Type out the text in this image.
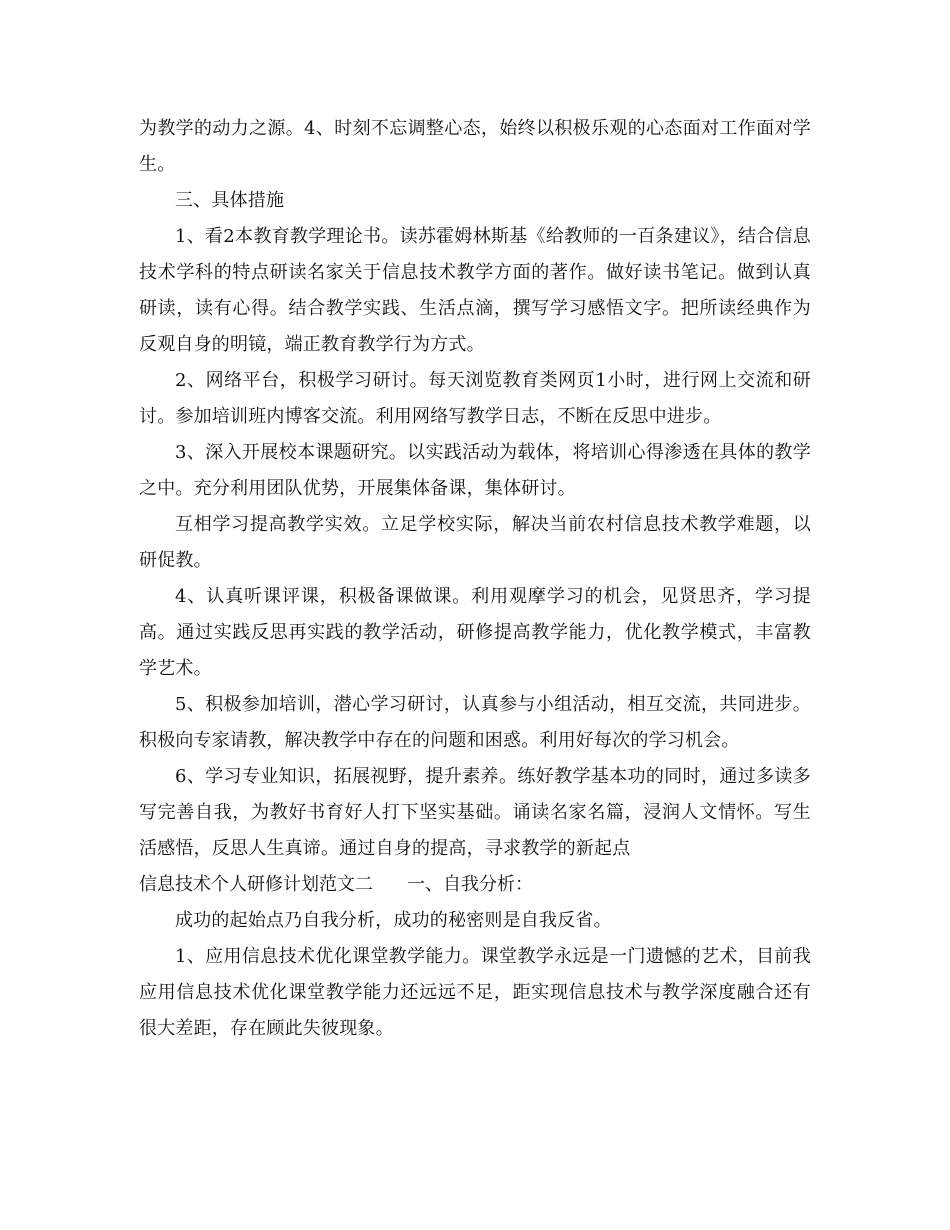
为教学的动力之源。4、时刻不忘调整心态，始终以积极乐观的心态面对工作面对学生。

三、具体措施

1、看2本教育教学理论书。读苏霍姆林斯基《给教师的一百条建议》，结合信息技术学科的特点研读名家关于信息技术教学方面的著作。做好读书笔记。做到认真研读，读有心得。结合教学实践、生活点滴，撰写学习感悟文字。把所读经典作为反观自身的明镜，端正教育教学行为方式。

2、网络平台，积极学习研讨。每天浏览教育类网页1小时，进行网上交流和研讨。参加培训班内博客交流。利用网络写教学日志，不断在反思中进步。

3、深入开展校本课题研究。以实践活动为载体，将培训心得渗透在具体的教学之中。充分利用团队优势，开展集体备课，集体研讨。

互相学习提高教学实效。立足学校实际，解决当前农村信息技术教学难题，以研促教。

4、认真听课评课，积极备课做课。利用观摩学习的机会，见贤思齐，学习提高。通过实践反思再实践的教学活动，研修提高教学能力，优化教学模式，丰富教学艺术。

5、积极参加培训，潜心学习研讨，认真参与小组活动，相互交流，共同进步。积极向专家请教，解决教学中存在的问题和困惑。利用好每次的学习机会。

6、学习专业知识，拓展视野，提升素养。练好教学基本功的同时，通过多读多写完善自我，为教好书育好人打下坚实基础。诵读名家名篇，浸润人文情怀。写生活感悟，反思人生真谛。通过自身的提高，寻求教学的新起点

信息技术个人研修计划范文二 一、自我分析：

成功的起始点乃自我分析，成功的秘密则是自我反省。

1、应用信息技术优化课堂教学能力。课堂教学永远是一门遗憾的艺术，目前我应用信息技术优化课堂教学能力还远远不足，距实现信息技术与教学深度融合还有很大差距，存在顾此失彼现象。
